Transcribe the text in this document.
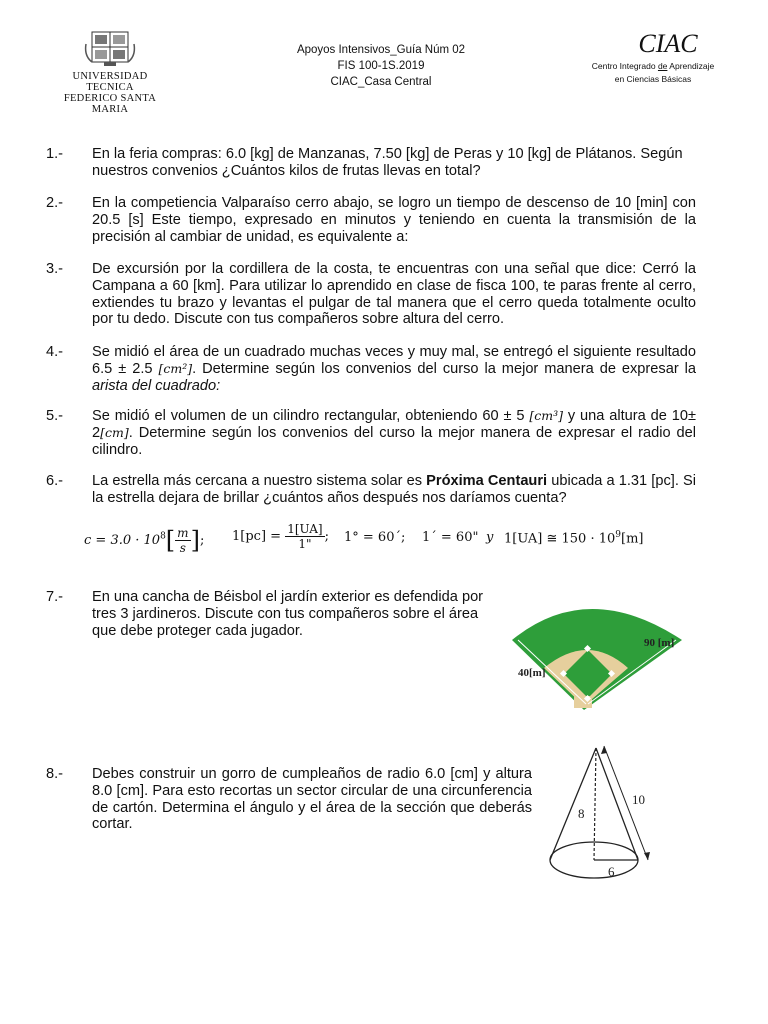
UNIVERSIDAD TECNICA
FEDERICO SANTA MARIA
Apoyos Intensivos_Guía Núm 02
FIS 100-1S.2019
CIAC_Casa Central
CIAC
Centro Integrado de Aprendizaje
en Ciencias Básicas
1.-	En la feria compras: 6.0 [kg] de Manzanas, 7.50 [kg] de Peras y 10 [kg] de Plátanos. Según nuestros convenios ¿Cuántos kilos de frutas llevas en total?
2.-	En la competiencia Valparaíso cerro abajo, se logro un tiempo de descenso de 10 [min] con 20.5 [s] Este tiempo, expresado en minutos y teniendo en cuenta la transmisión de la precisión al cambiar de unidad, es equivalente a:
3.-	De excursión por la cordillera de la costa, te encuentras con una señal que dice: Cerró la Campana a 60 [km]. Para utilizar lo aprendido en clase de fisca 100, te paras frente al cerro, extiendes tu brazo y levantas el pulgar de tal manera que el cerro queda totalmente oculto por tu dedo. Discute con tus compañeros sobre altura del cerro.
4.-	Se midió el área de un cuadrado muchas veces y muy mal, se entregó el siguiente resultado 6.5 ± 2.5 [cm²]. Determine según los convenios del curso la mejor manera de expresar la arista del cuadrado:
5.-	Se midió el volumen de un cilindro rectangular, obteniendo 60 ± 5 [cm³] y una altura de 10± 2[cm]. Determine según los convenios del curso la mejor manera de expresar el radio del cilindro.
6.-	La estrella más cercana a nuestro sistema solar es Próxima Centauri ubicada a 1.31 [pc]. Si la estrella dejara de brillar ¿cuántos años después nos daríamos cuenta?
$c = 3.0 \cdot 10^8[ \frac{m}{s}$ ]; $1[pc] = \frac{1[UA]}{1"}$ ; 1° = 60´; 1´ = 60" y 1[UA] ≅ $150 \cdot 10^9[m]$
7.-	En una cancha de Béisbol el jardín exterior es defendida por tres 3 jardineros. Discute con tus compañeros sobre el área que debe proteger cada jugador.
90 [m]
40[m]
8.-	Debes construir un gorro de cumpleaños de radio 6.0 [cm] y altura 8.0 [cm]. Para esto recortas un sector circular de una circunferencia de cartón. Determina el ángulo y el área de la sección que deberás cortar.
8
10
6
